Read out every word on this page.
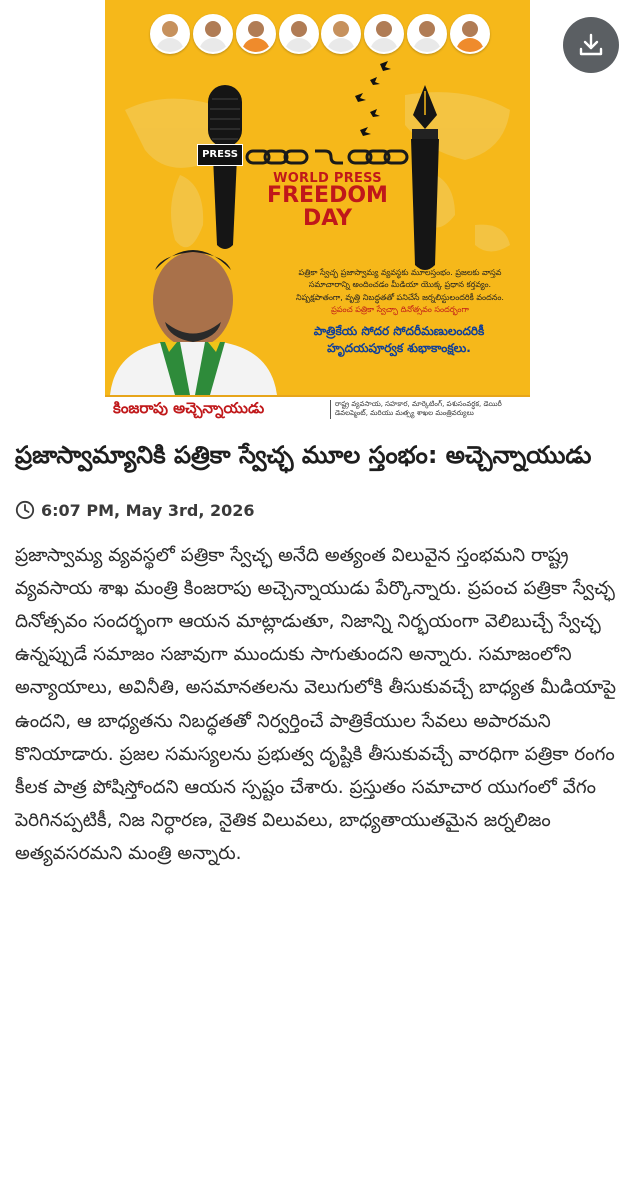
PRESS
WORLD PRESS
FREEDOM
DAY
పత్రికా స్వేచ్ఛ ప్రజాస్వామ్య వ్యవస్థకు మూలస్తంభం. ప్రజలకు వాస్తవ
సమాచారాన్ని అందించడం మీడియా యొక్క ప్రధాన కర్తవ్యం.
నిష్పక్షపాతంగా, వృత్తి నిబద్ధతతో పనిచేసే జర్నలిస్టులందరికీ వందనం.
ప్రపంచ పత్రికా స్వేచ్ఛా దినోత్సవం సందర్భంగా
పాత్రికేయ సోదర సోదరీమణులందరికీ
హృదయపూర్వక శుభాకాంక్షలు.
కింజరాపు అచ్చెన్నాయుడు	రాష్ట్ర వ్యవసాయ, సహకార, మార్కెటింగ్, పశుసంవర్ధక, డెయిరీ డెవలప్మెంట్, మరియు మత్స్య శాఖల మంత్రివర్యులు
ప్రజాస్వామ్యానికి పత్రికా స్వేచ్ఛ మూల స్తంభం: అచ్చెన్నాయుడు
6:07 PM, May 3rd, 2026
ప్రజాస్వామ్య వ్యవస్థలో పత్రికా స్వేచ్ఛ అనేది అత్యంత విలువైన స్తంభమని రాష్ట్ర వ్యవసాయ శాఖ మంత్రి కింజరాపు అచ్చెన్నాయుడు పేర్కొన్నారు. ప్రపంచ పత్రికా స్వేచ్ఛ దినోత్సవం సందర్భంగా ఆయన మాట్లాడుతూ, నిజాన్ని నిర్భయంగా వెలిబుచ్చే స్వేచ్ఛ ఉన్నప్పుడే సమాజం సజావుగా ముందుకు సాగుతుందని అన్నారు. సమాజంలోని అన్యాయాలు, అవినీతి, అసమానతలను వెలుగులోకి తీసుకువచ్చే బాధ్యత మీడియాపై ఉందని, ఆ బాధ్యతను నిబద్ధతతో నిర్వర్తించే పాత్రికేయుల సేవలు అపారమని కొనియాడారు. ప్రజల సమస్యలను ప్రభుత్వ దృష్టికి తీసుకువచ్చే వారధిగా పత్రికా రంగం కీలక పాత్ర పోషిస్తోందని ఆయన స్పష్టం చేశారు. ప్రస్తుతం సమాచార యుగంలో వేగం పెరిగినప్పటికీ, నిజ నిర్ధారణ, నైతిక విలువలు, బాధ్యతాయుతమైన జర్నలిజం అత్యవసరమని మంత్రి అన్నారు.
